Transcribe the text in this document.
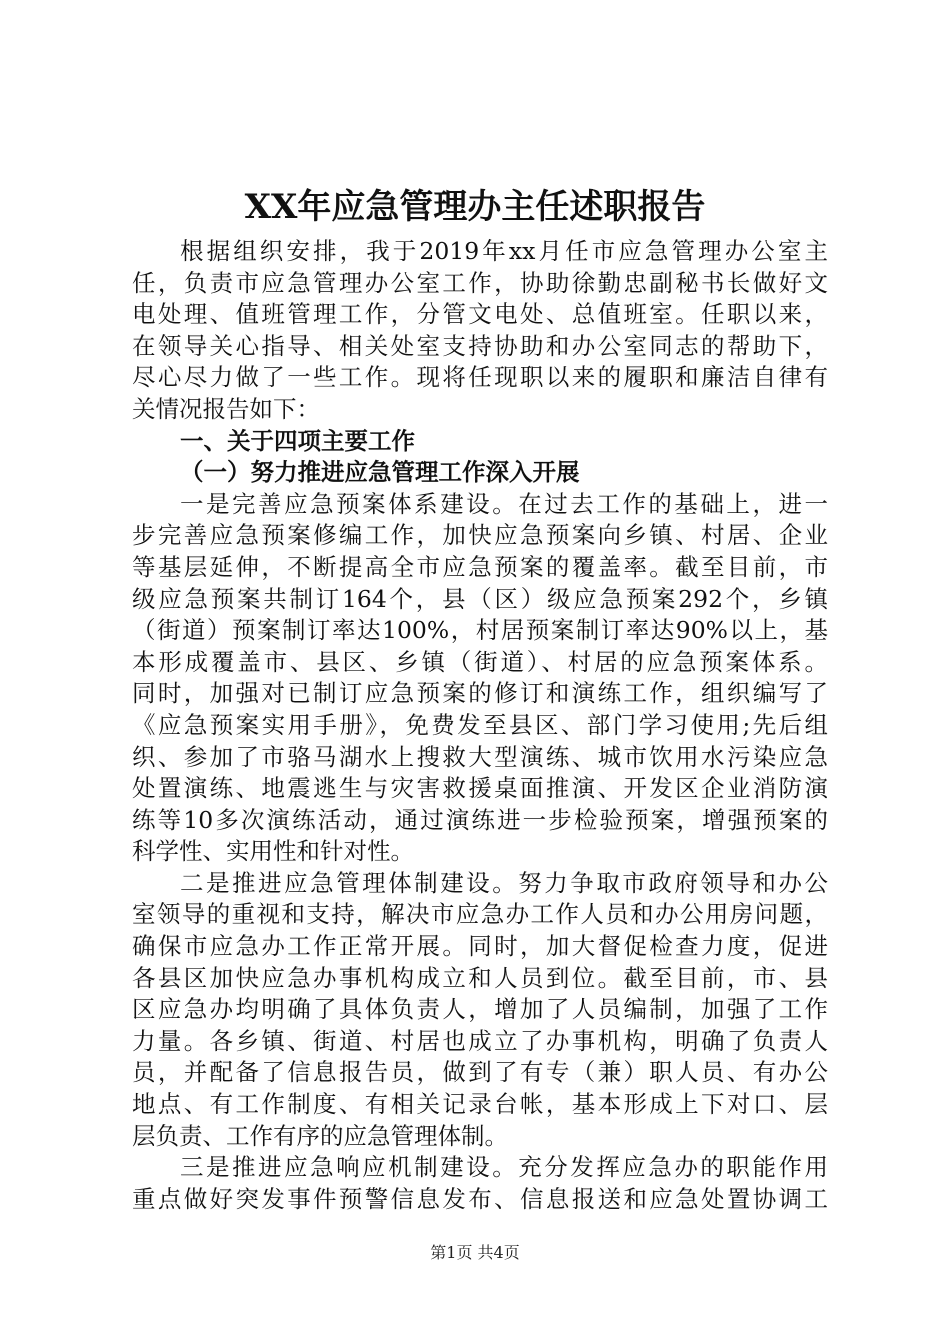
XX年应急管理办主任述职报告
根据组织安排，我于2019年xx月任市应急管理办公室主
任，负责市应急管理办公室工作，协助徐勤忠副秘书长做好文
电处理、值班管理工作，分管文电处、总值班室。任职以来，
在领导关心指导、相关处室支持协助和办公室同志的帮助下，
尽心尽力做了一些工作。现将任现职以来的履职和廉洁自律有
关情况报告如下：
一、关于四项主要工作
（一）努力推进应急管理工作深入开展
一是完善应急预案体系建设。在过去工作的基础上，进一
步完善应急预案修编工作，加快应急预案向乡镇、村居、企业
等基层延伸，不断提高全市应急预案的覆盖率。截至目前，市
级应急预案共制订164个，县（区）级应急预案292个，乡镇
（街道）预案制订率达100%，村居预案制订率达90%以上，基
本形成覆盖市、县区、乡镇（街道）、村居的应急预案体系。
同时，加强对已制订应急预案的修订和演练工作，组织编写了
《应急预案实用手册》，免费发至县区、部门学习使用;先后组
织、参加了市骆马湖水上搜救大型演练、城市饮用水污染应急
处置演练、地震逃生与灾害救援桌面推演、开发区企业消防演
练等10多次演练活动，通过演练进一步检验预案，增强预案的
科学性、实用性和针对性。
二是推进应急管理体制建设。努力争取市政府领导和办公
室领导的重视和支持，解决市应急办工作人员和办公用房问题，
确保市应急办工作正常开展。同时，加大督促检查力度，促进
各县区加快应急办事机构成立和人员到位。截至目前，市、县
区应急办均明确了具体负责人，增加了人员编制，加强了工作
力量。各乡镇、街道、村居也成立了办事机构，明确了负责人
员，并配备了信息报告员，做到了有专（兼）职人员、有办公
地点、有工作制度、有相关记录台帐，基本形成上下对口、层
层负责、工作有序的应急管理体制。
三是推进应急响应机制建设。充分发挥应急办的职能作用
重点做好突发事件预警信息发布、信息报送和应急处置协调工
第1页 共4页
